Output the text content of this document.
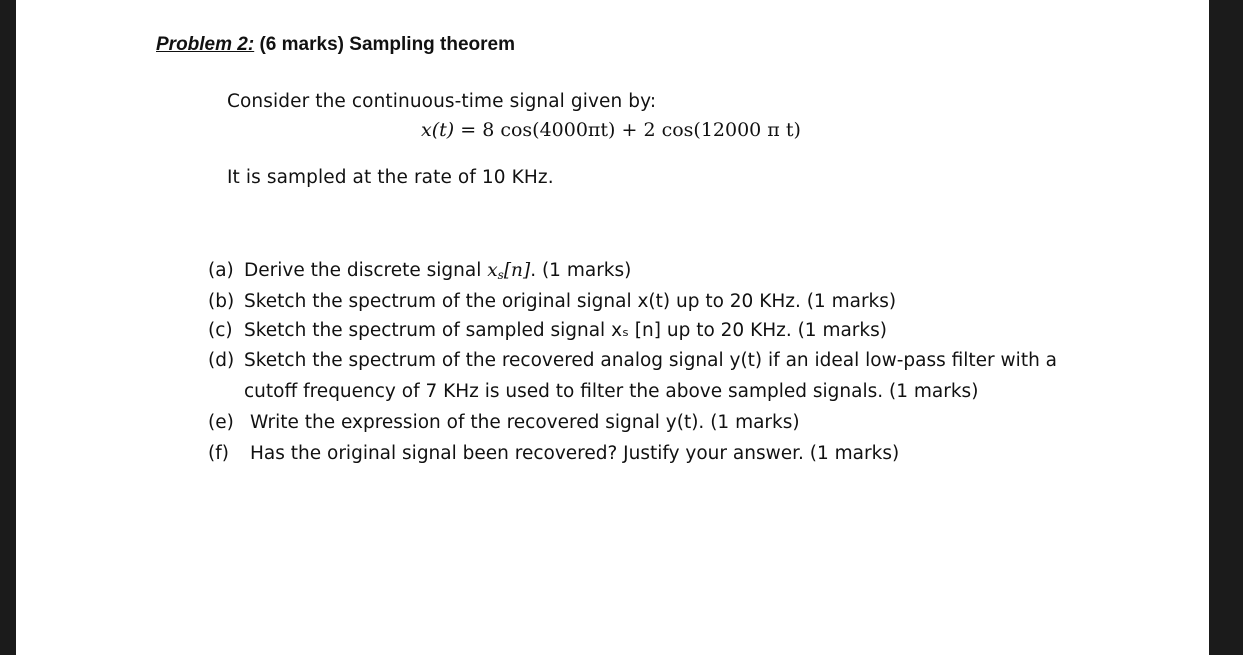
Problem 2: (6 marks) Sampling theorem
Consider the continuous-time signal given by:
x(t) = 8 cos(4000πt) + 2 cos(12000 π t)
It is sampled at the rate of 10 KHz.
(a) Derive the discrete signal $x_s[n]$. (1 marks)
(b) Sketch the spectrum of the original signal x(t) up to 20 KHz. (1 marks)
(c) Sketch the spectrum of sampled signal xₛ [n] up to 20 KHz. (1 marks)
(d) Sketch the spectrum of the recovered analog signal y(t) if an ideal low-pass filter with a
cutoff frequency of 7 KHz is used to filter the above sampled signals. (1 marks)
(e) Write the expression of the recovered signal y(t). (1 marks)
(f) Has the original signal been recovered? Justify your answer. (1 marks)
